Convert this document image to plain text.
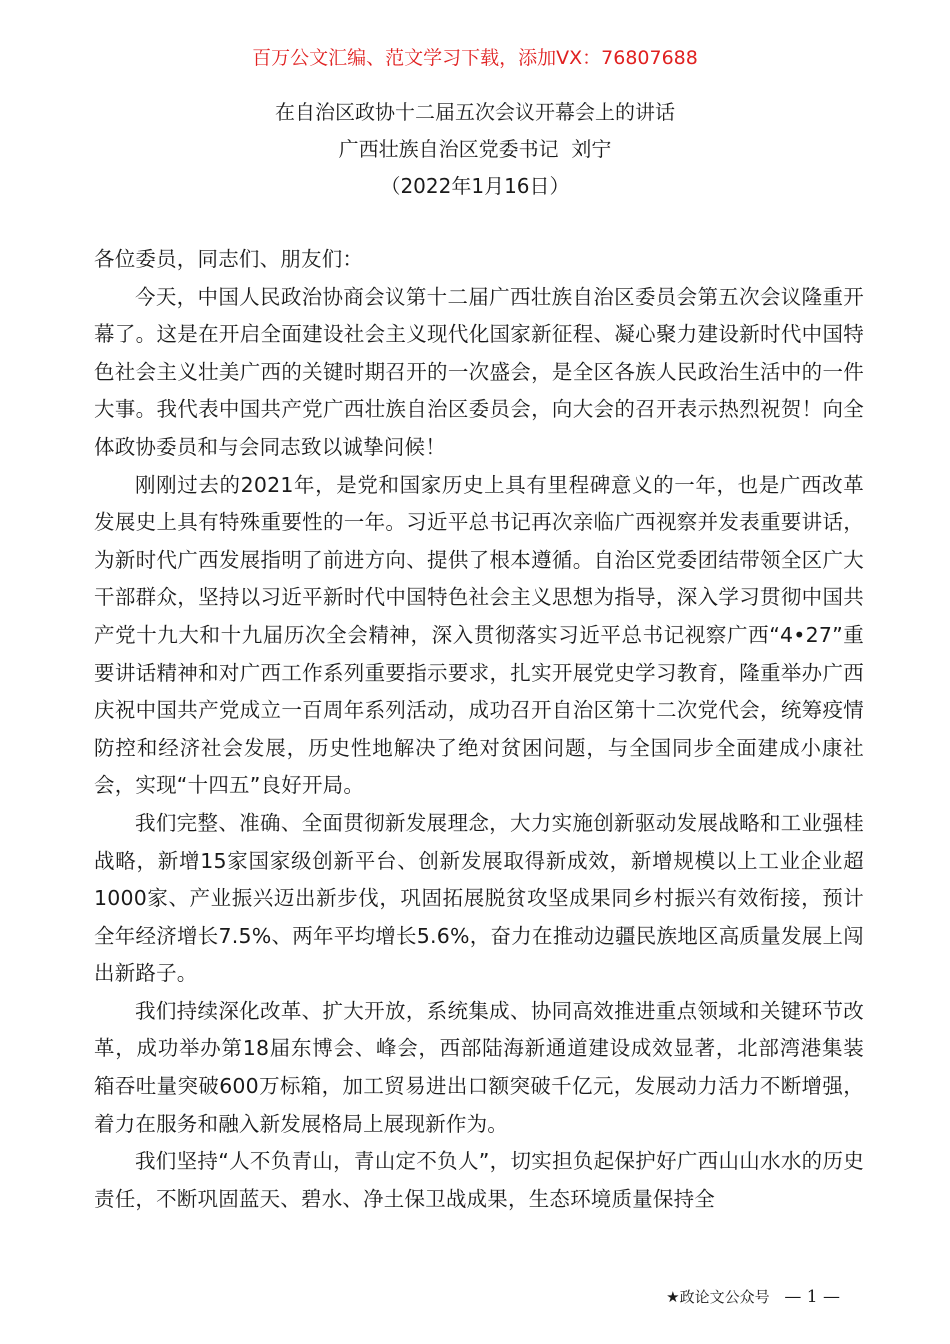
百万公文汇编、范文学习下载，添加VX：76807688
在自治区政协十二届五次会议开幕会上的讲话
广西壮族自治区党委书记  刘宁
（2022年1月16日）

各位委员，同志们、朋友们：

今天，中国人民政治协商会议第十二届广西壮族自治区委员会第五次会议隆重开幕了。这是在开启全面建设社会主义现代化国家新征程、凝心聚力建设新时代中国特色社会主义壮美广西的关键时期召开的一次盛会，是全区各族人民政治生活中的一件大事。我代表中国共产党广西壮族自治区委员会，向大会的召开表示热烈祝贺！向全体政协委员和与会同志致以诚挚问候！

刚刚过去的2021年，是党和国家历史上具有里程碑意义的一年，也是广西改革发展史上具有特殊重要性的一年。习近平总书记再次亲临广西视察并发表重要讲话，为新时代广西发展指明了前进方向、提供了根本遵循。自治区党委团结带领全区广大干部群众，坚持以习近平新时代中国特色社会主义思想为指导，深入学习贯彻中国共产党十九大和十九届历次全会精神，深入贯彻落实习近平总书记视察广西“4•27”重要讲话精神和对广西工作系列重要指示要求，扎实开展党史学习教育，隆重举办广西庆祝中国共产党成立一百周年系列活动，成功召开自治区第十二次党代会，统筹疫情防控和经济社会发展，历史性地解决了绝对贫困问题，与全国同步全面建成小康社会，实现“十四五”良好开局。

我们完整、准确、全面贯彻新发展理念，大力实施创新驱动发展战略和工业强桂战略，新增15家国家级创新平台、创新发展取得新成效，新增规模以上工业企业超1000家、产业振兴迈出新步伐，巩固拓展脱贫攻坚成果同乡村振兴有效衔接，预计全年经济增长7.5%、两年平均增长5.6%，奋力在推动边疆民族地区高质量发展上闯出新路子。

我们持续深化改革、扩大开放，系统集成、协同高效推进重点领域和关键环节改革，成功举办第18届东博会、峰会，西部陆海新通道建设成效显著，北部湾港集装箱吞吐量突破600万标箱，加工贸易进出口额突破千亿元，发展动力活力不断增强，着力在服务和融入新发展格局上展现新作为。

我们坚持“人不负青山，青山定不负人”，切实担负起保护好广西山山水水的历史责任，不断巩固蓝天、碧水、净土保卫战成果，生态环境质量保持全

★政论文公众号 — 1 —
